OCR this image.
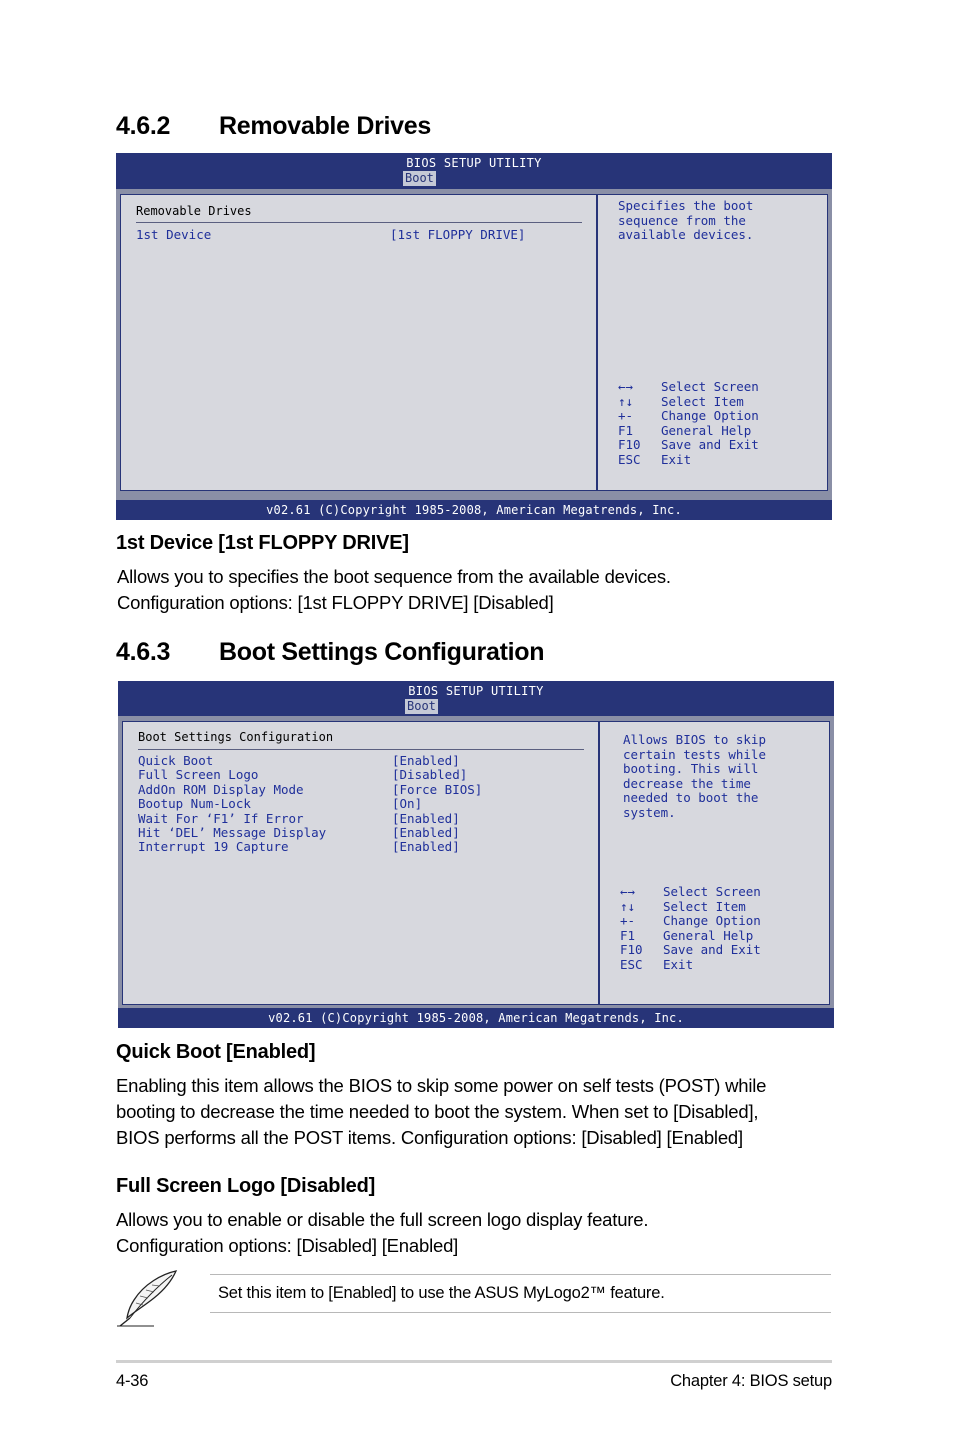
4.6.2 Removable Drives
BIOS SETUP UTILITY
Boot
Removable Drives
1st Device	[1st FLOPPY DRIVE]
Specifies the boot
sequence from the
available devices.
←→ Select Screen
↑↓ Select Item
+- Change Option
F1 General Help
F10 Save and Exit
ESC Exit
v02.61 (C)Copyright 1985-2008, American Megatrends, Inc.
1st Device [1st FLOPPY DRIVE]

Allows you to specifies the boot sequence from the available devices.

Configuration options: [1st FLOPPY DRIVE] [Disabled]

4.6.3 Boot Settings Configuration
BIOS SETUP UTILITY
Boot
Boot Settings Configuration
Quick Boot	[Enabled]
Full Screen Logo	[Disabled]
AddOn ROM Display Mode	[Force BIOS]
Bootup Num-Lock	[On]
Wait For ‘F1’ If Error	[Enabled]
Hit ‘DEL’ Message Display	[Enabled]
Interrupt 19 Capture	[Enabled]
Allows BIOS to skip
certain tests while
booting. This will
decrease the time
needed to boot the
system.
←→ Select Screen
↑↓ Select Item
+- Change Option
F1 General Help
F10 Save and Exit
ESC Exit
v02.61 (C)Copyright 1985-2008, American Megatrends, Inc.
Quick Boot [Enabled]

Enabling this item allows the BIOS to skip some power on self tests (POST) while

booting to decrease the time needed to boot the system. When set to [Disabled],

BIOS performs all the POST items. Configuration options: [Disabled] [Enabled]

Full Screen Logo [Disabled]

Allows you to enable or disable the full screen logo display feature.

Configuration options: [Disabled] [Enabled]

Set this item to [Enabled] to use the ASUS MyLogo2™ feature.

4-36	Chapter 4: BIOS setup
